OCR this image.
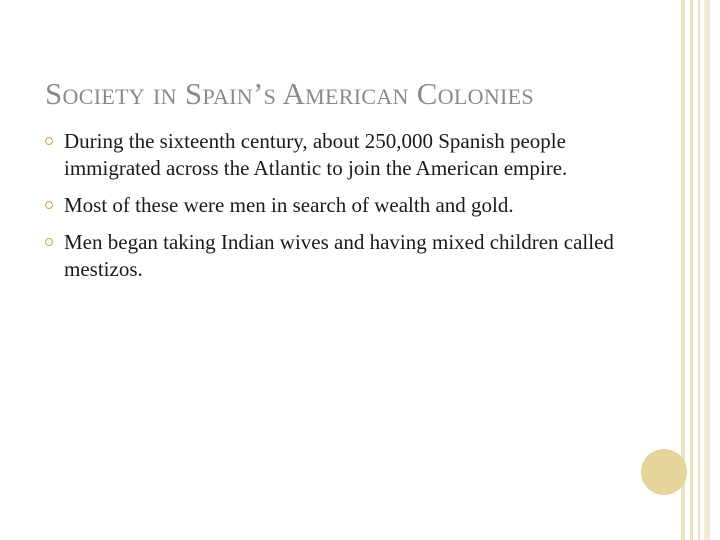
Society in Spain’s American Colonies
During the sixteenth century, about 250,000 Spanish people immigrated across the Atlantic to join the American empire.
Most of these were men in search of wealth and gold.
Men began taking Indian wives and having mixed children called mestizos.
